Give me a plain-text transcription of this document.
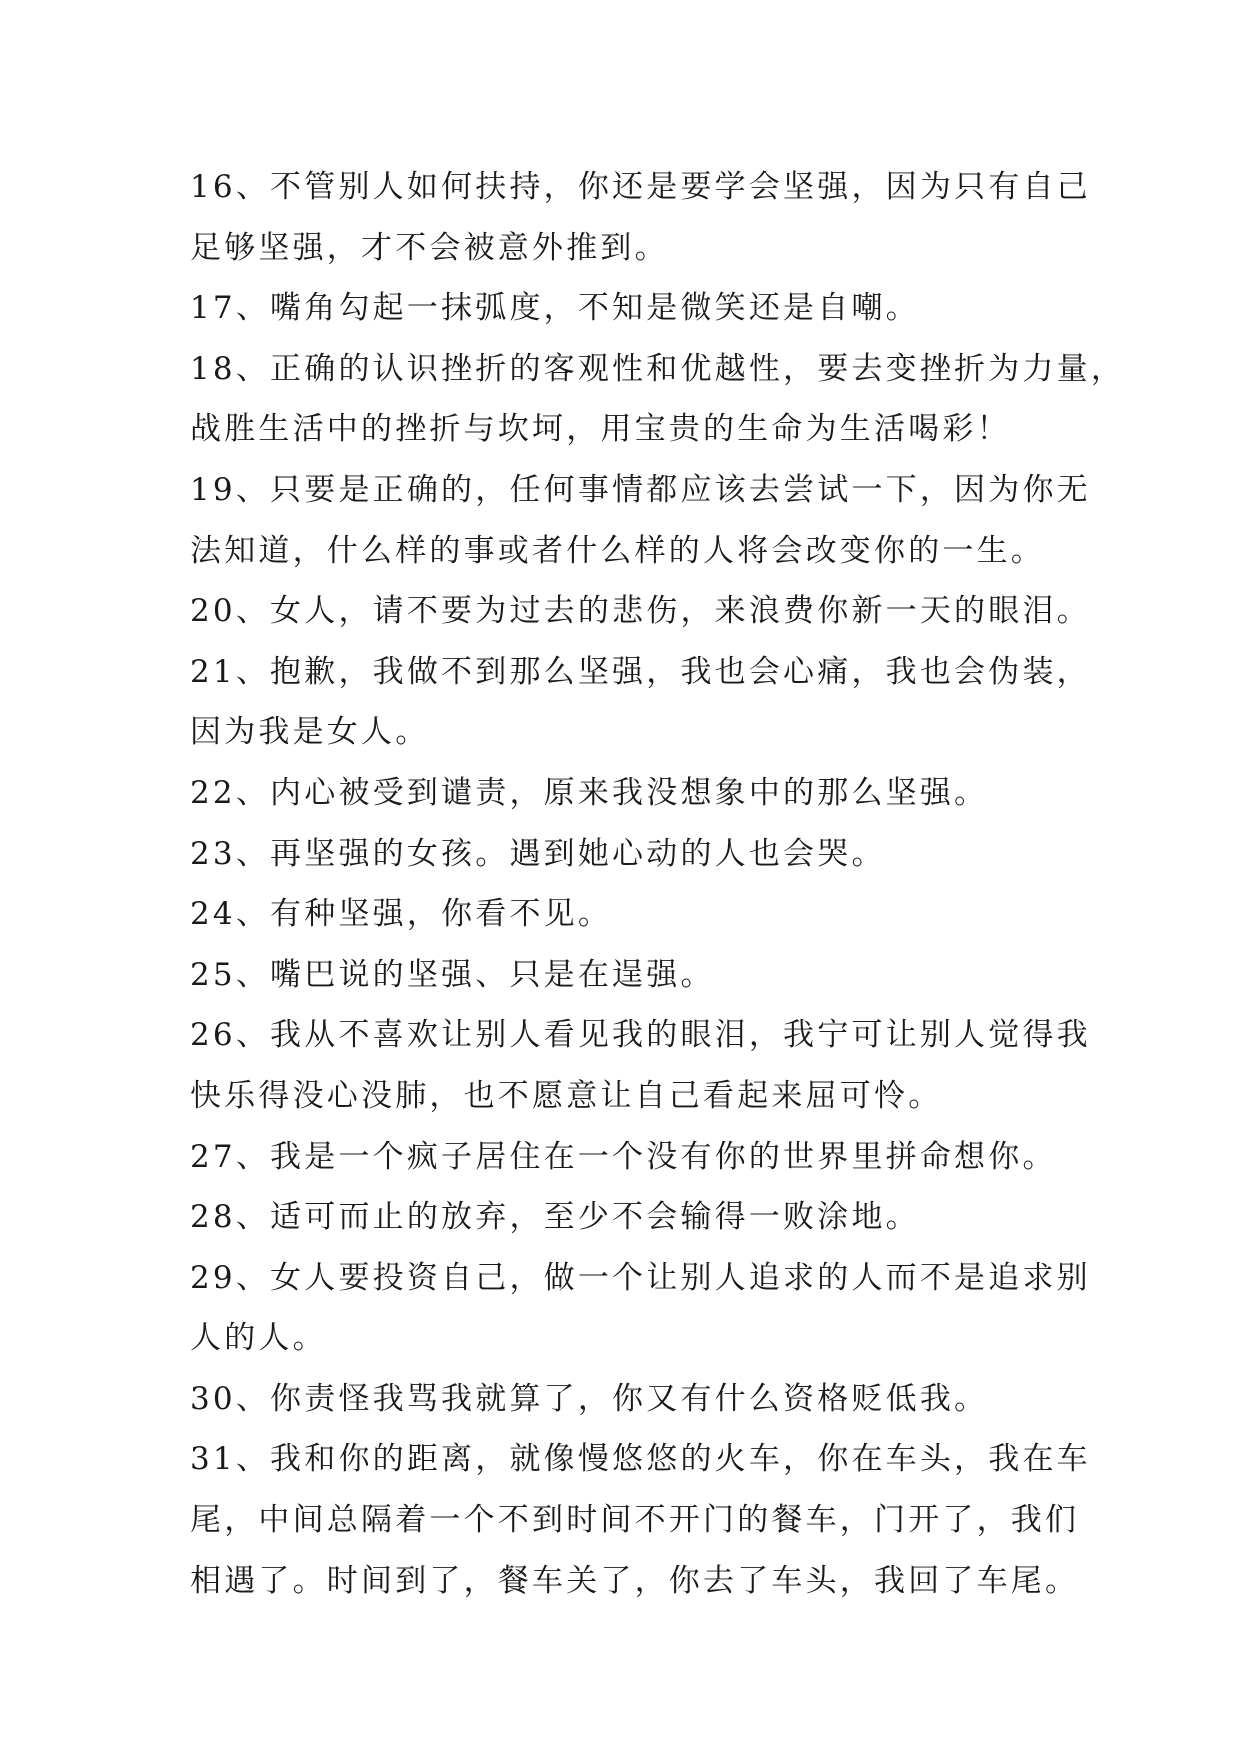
16、不管别人如何扶持，你还是要学会坚强，因为只有自己
足够坚强，才不会被意外推到。
17、嘴角勾起一抹弧度，不知是微笑还是自嘲。
18、正确的认识挫折的客观性和优越性，要去变挫折为力量，
战胜生活中的挫折与坎坷，用宝贵的生命为生活喝彩！
19、只要是正确的，任何事情都应该去尝试一下，因为你无
法知道，什么样的事或者什么样的人将会改变你的一生。
20、女人，请不要为过去的悲伤，来浪费你新一天的眼泪。
21、抱歉，我做不到那么坚强，我也会心痛，我也会伪装，
因为我是女人。
22、内心被受到谴责，原来我没想象中的那么坚强。
23、再坚强的女孩。遇到她心动的人也会哭。
24、有种坚强，你看不见。
25、嘴巴说的坚强、只是在逞强。
26、我从不喜欢让别人看见我的眼泪，我宁可让别人觉得我
快乐得没心没肺，也不愿意让自己看起来屈可怜。
27、我是一个疯子居住在一个没有你的世界里拼命想你。
28、适可而止的放弃，至少不会输得一败涂地。
29、女人要投资自己，做一个让别人追求的人而不是追求别
人的人。
30、你责怪我骂我就算了，你又有什么资格贬低我。
31、我和你的距离，就像慢悠悠的火车，你在车头，我在车
尾，中间总隔着一个不到时间不开门的餐车，门开了，我们
相遇了。时间到了，餐车关了，你去了车头，我回了车尾。
